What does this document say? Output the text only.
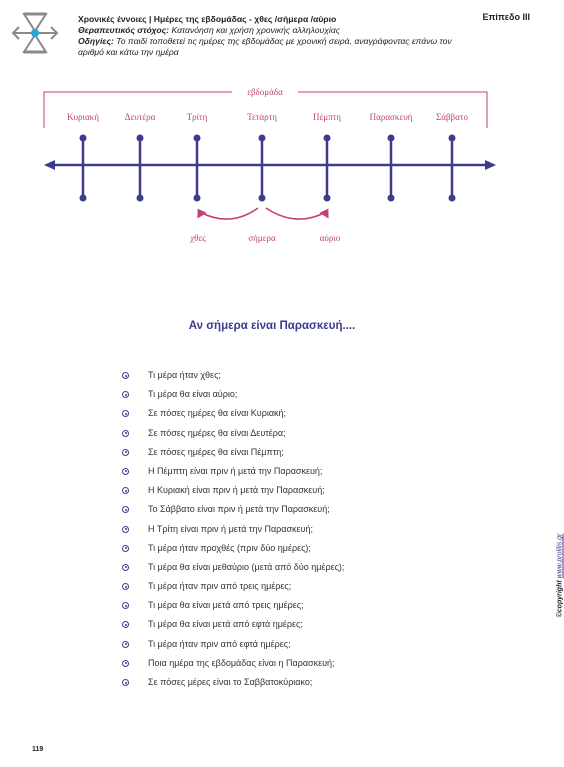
Χρονικές έννοιες | Ημέρες της εβδομάδας - χθες /σήμερα /αύριο
Θεραπευτικός στόχος: Κατανόηση και χρήση χρονικής αλληλουχίας
Οδηγίες: Το παιδί τοποθετεί τις ημέρες της εβδομάδας με χρονική σειρά, αναγράφοντας επάνω τον αριθμό και κάτω την ημέρα
Επίπεδο ΙΙΙ
εβδομάδα
Κυριακή	Δευτέρα	Τρίτη	Τετάρτη	Πέμπτη	Παρασκευή	Σάββατο
χθες	σήμερα	αύριο
Αν σήμερα είναι Παρασκευή....
Τι μέρα ήταν χθες;
Τι μέρα θα είναι αύριο;
Σε πόσες ημέρες θα είναι Κυριακή;
Σε πόσες ημέρες θα είναι Δευτέρα;
Σε πόσες ημέρες θα είναι Πέμπτη;
Η Πέμπτη είναι πριν ή μετά την Παρασκευή;
Η Κυριακή είναι πριν ή μετά την Παρασκευή;
Το Σάββατο είναι πριν ή μετά την Παρασκευή;
Η Τρίτη είναι πριν ή μετά την Παρασκευή;
Τι μέρα ήταν προχθές (πριν δύο ημέρες);
Τι μέρα θα είναι μεθαύριο (μετά από δύο ημέρες);
Τι μέρα ήταν πριν από τρεις ημέρες;
Τι μέρα θα είναι μετά από τρεις ημέρες;
Τι μέρα θα είναι μετά από εφτά ημέρες;
Τι μέρα ήταν πριν από εφτά ημέρες;
Ποια ημέρα της εβδομάδας είναι η Παρασκευή;
Σε πόσες μέρες είναι το Σαββατοκύριακο;
©copyright www.prolilis.gr
119
